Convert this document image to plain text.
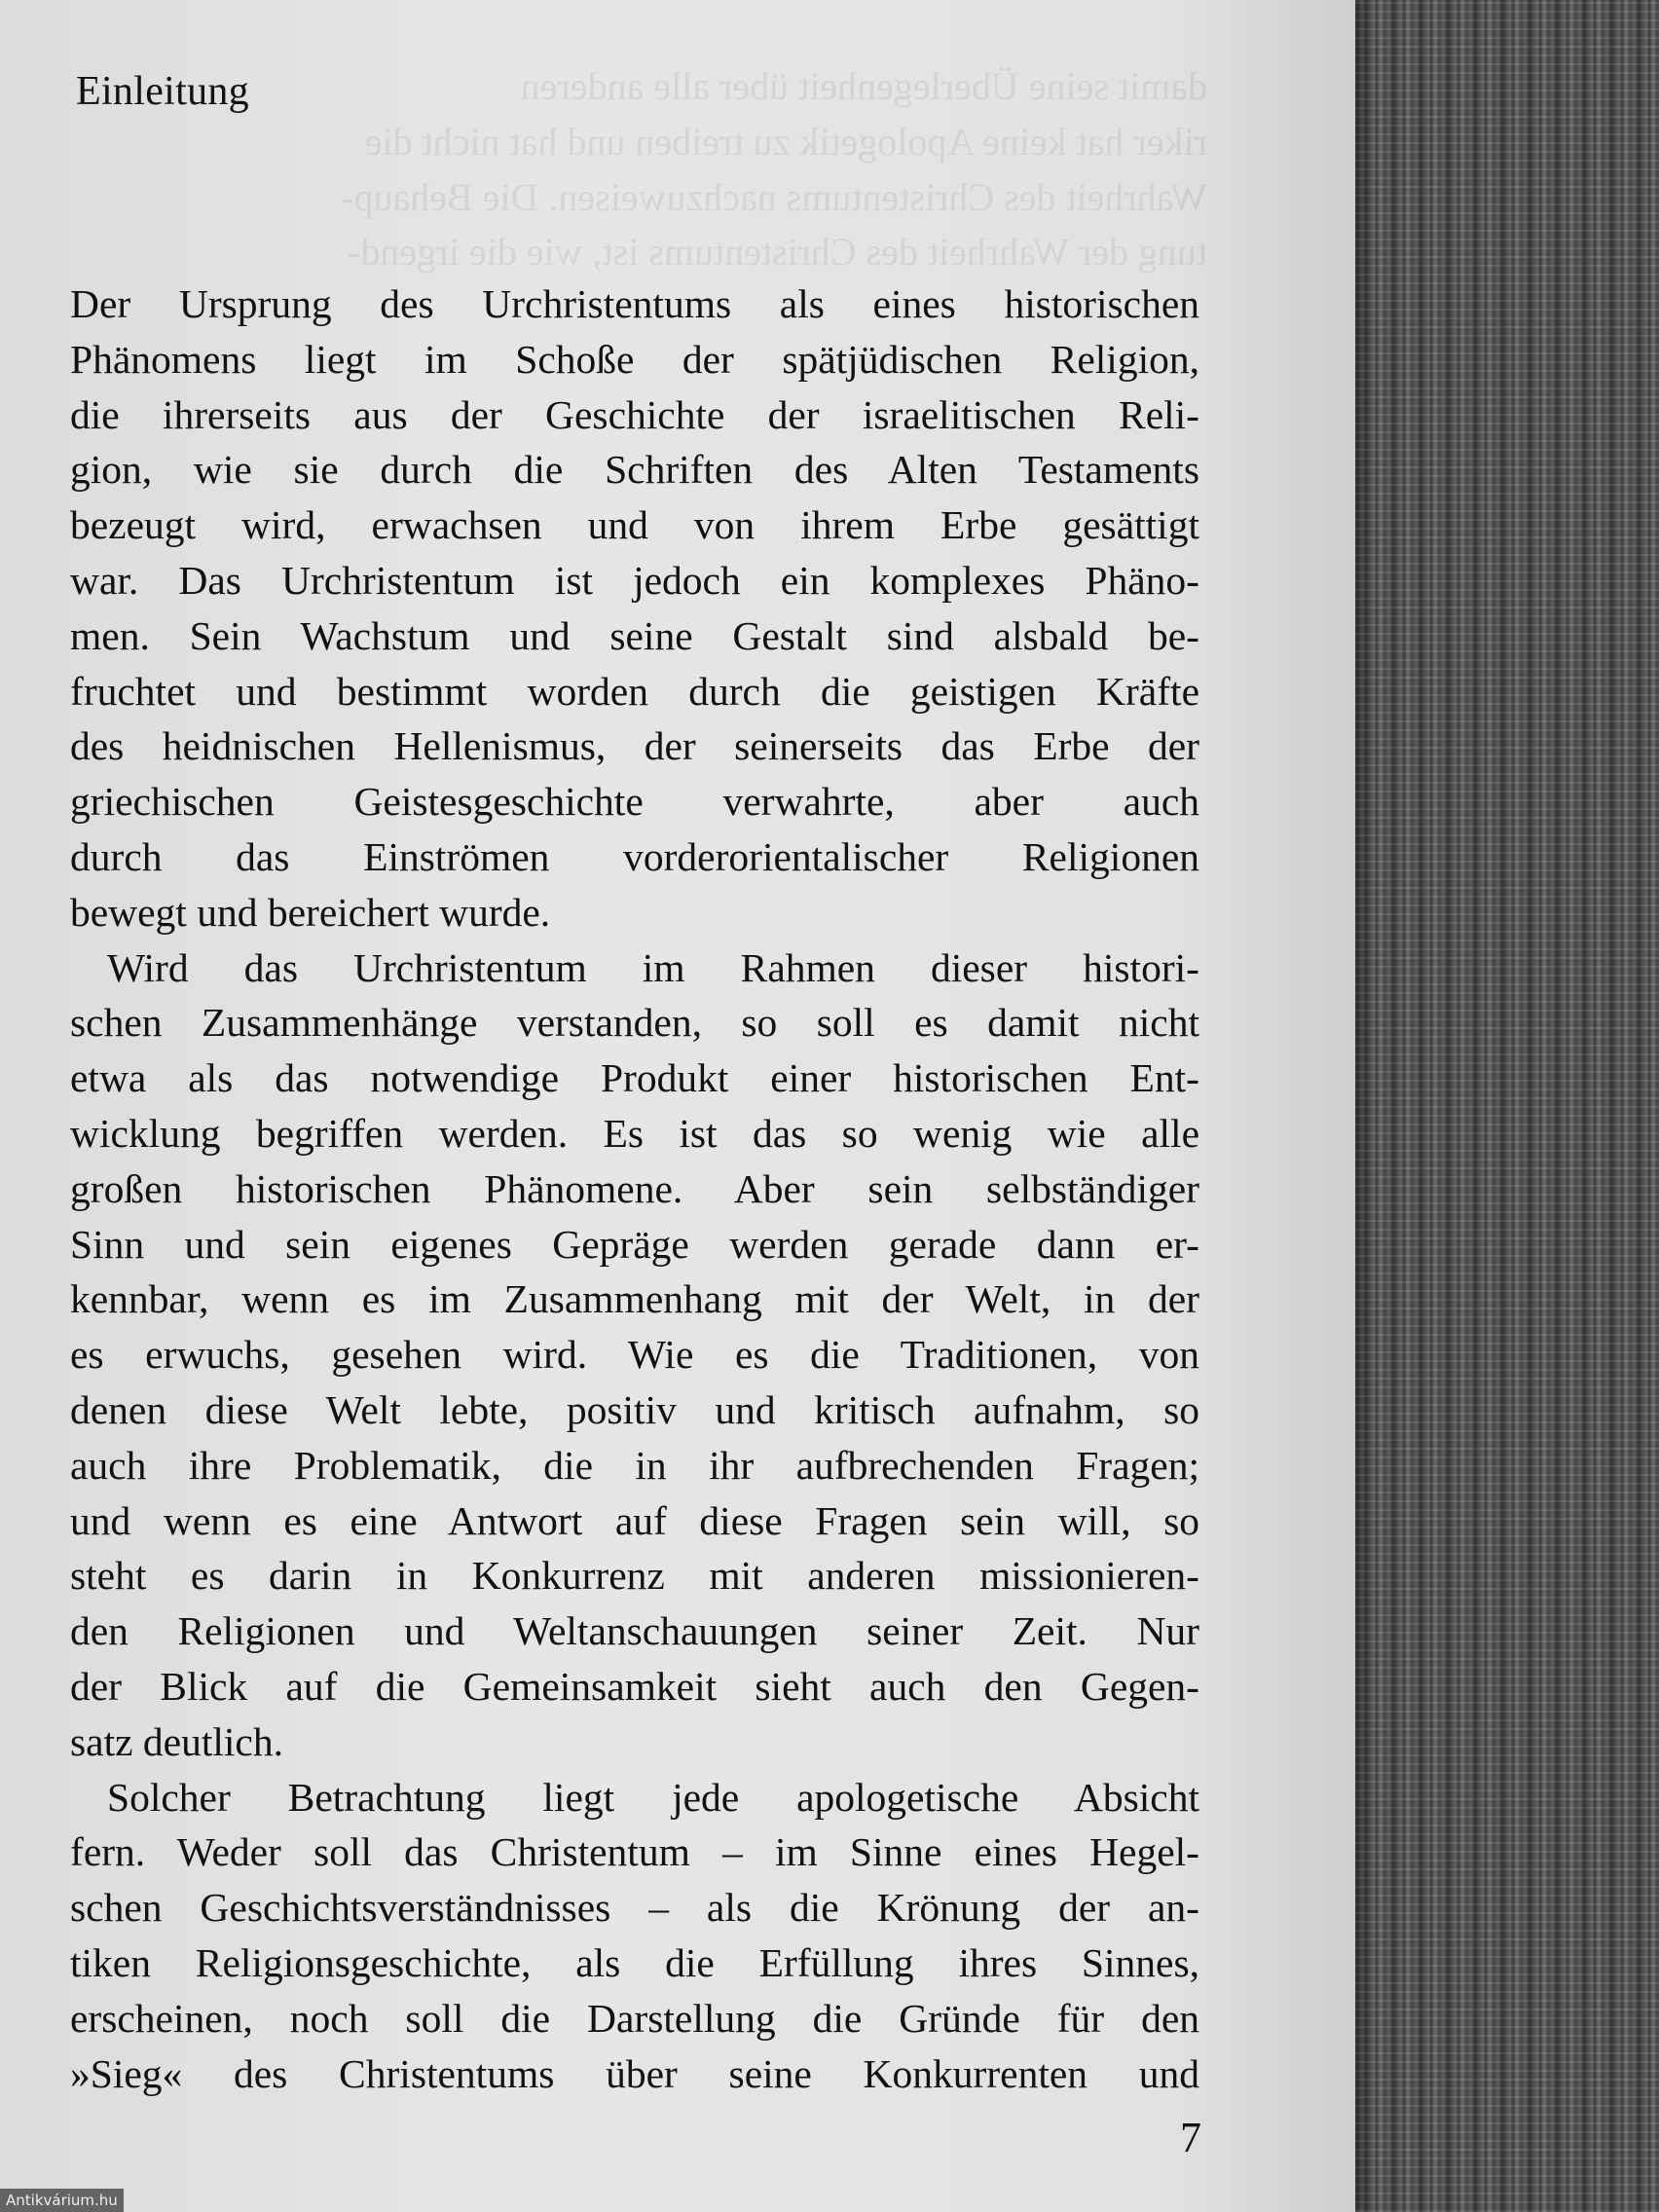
damit seine Überlegenheit über alle anderen
riker hat keine Apologetik zu treiben und hat nicht die
Wahrheit des Christentums nachzuweisen. Die Behaup-
tung der Wahrheit des Christentums ist, wie die irgend-
Einleitung
Der Ursprung des Urchristentums als eines historischen
Phänomens liegt im Schoße der spätjüdischen Religion,
die ihrerseits aus der Geschichte der israelitischen Reli-
gion, wie sie durch die Schriften des Alten Testaments
bezeugt wird, erwachsen und von ihrem Erbe gesättigt
war. Das Urchristentum ist jedoch ein komplexes Phäno-
men. Sein Wachstum und seine Gestalt sind alsbald be-
fruchtet und bestimmt worden durch die geistigen Kräfte
des heidnischen Hellenismus, der seinerseits das Erbe der
griechischen Geistesgeschichte verwahrte, aber auch
durch das Einströmen vorderorientalischer Religionen
bewegt und bereichert wurde.
Wird das Urchristentum im Rahmen dieser histori-
schen Zusammenhänge verstanden, so soll es damit nicht
etwa als das notwendige Produkt einer historischen Ent-
wicklung begriffen werden. Es ist das so wenig wie alle
großen historischen Phänomene. Aber sein selbständiger
Sinn und sein eigenes Gepräge werden gerade dann er-
kennbar, wenn es im Zusammenhang mit der Welt, in der
es erwuchs, gesehen wird. Wie es die Traditionen, von
denen diese Welt lebte, positiv und kritisch aufnahm, so
auch ihre Problematik, die in ihr aufbrechenden Fragen;
und wenn es eine Antwort auf diese Fragen sein will, so
steht es darin in Konkurrenz mit anderen missionieren-
den Religionen und Weltanschauungen seiner Zeit. Nur
der Blick auf die Gemeinsamkeit sieht auch den Gegen-
satz deutlich.
Solcher Betrachtung liegt jede apologetische Absicht
fern. Weder soll das Christentum – im Sinne eines Hegel-
schen Geschichtsverständnisses – als die Krönung der an-
tiken Religionsgeschichte, als die Erfüllung ihres Sinnes,
erscheinen, noch soll die Darstellung die Gründe für den
»Sieg« des Christentums über seine Konkurrenten und
7
Antikvárium.hu
